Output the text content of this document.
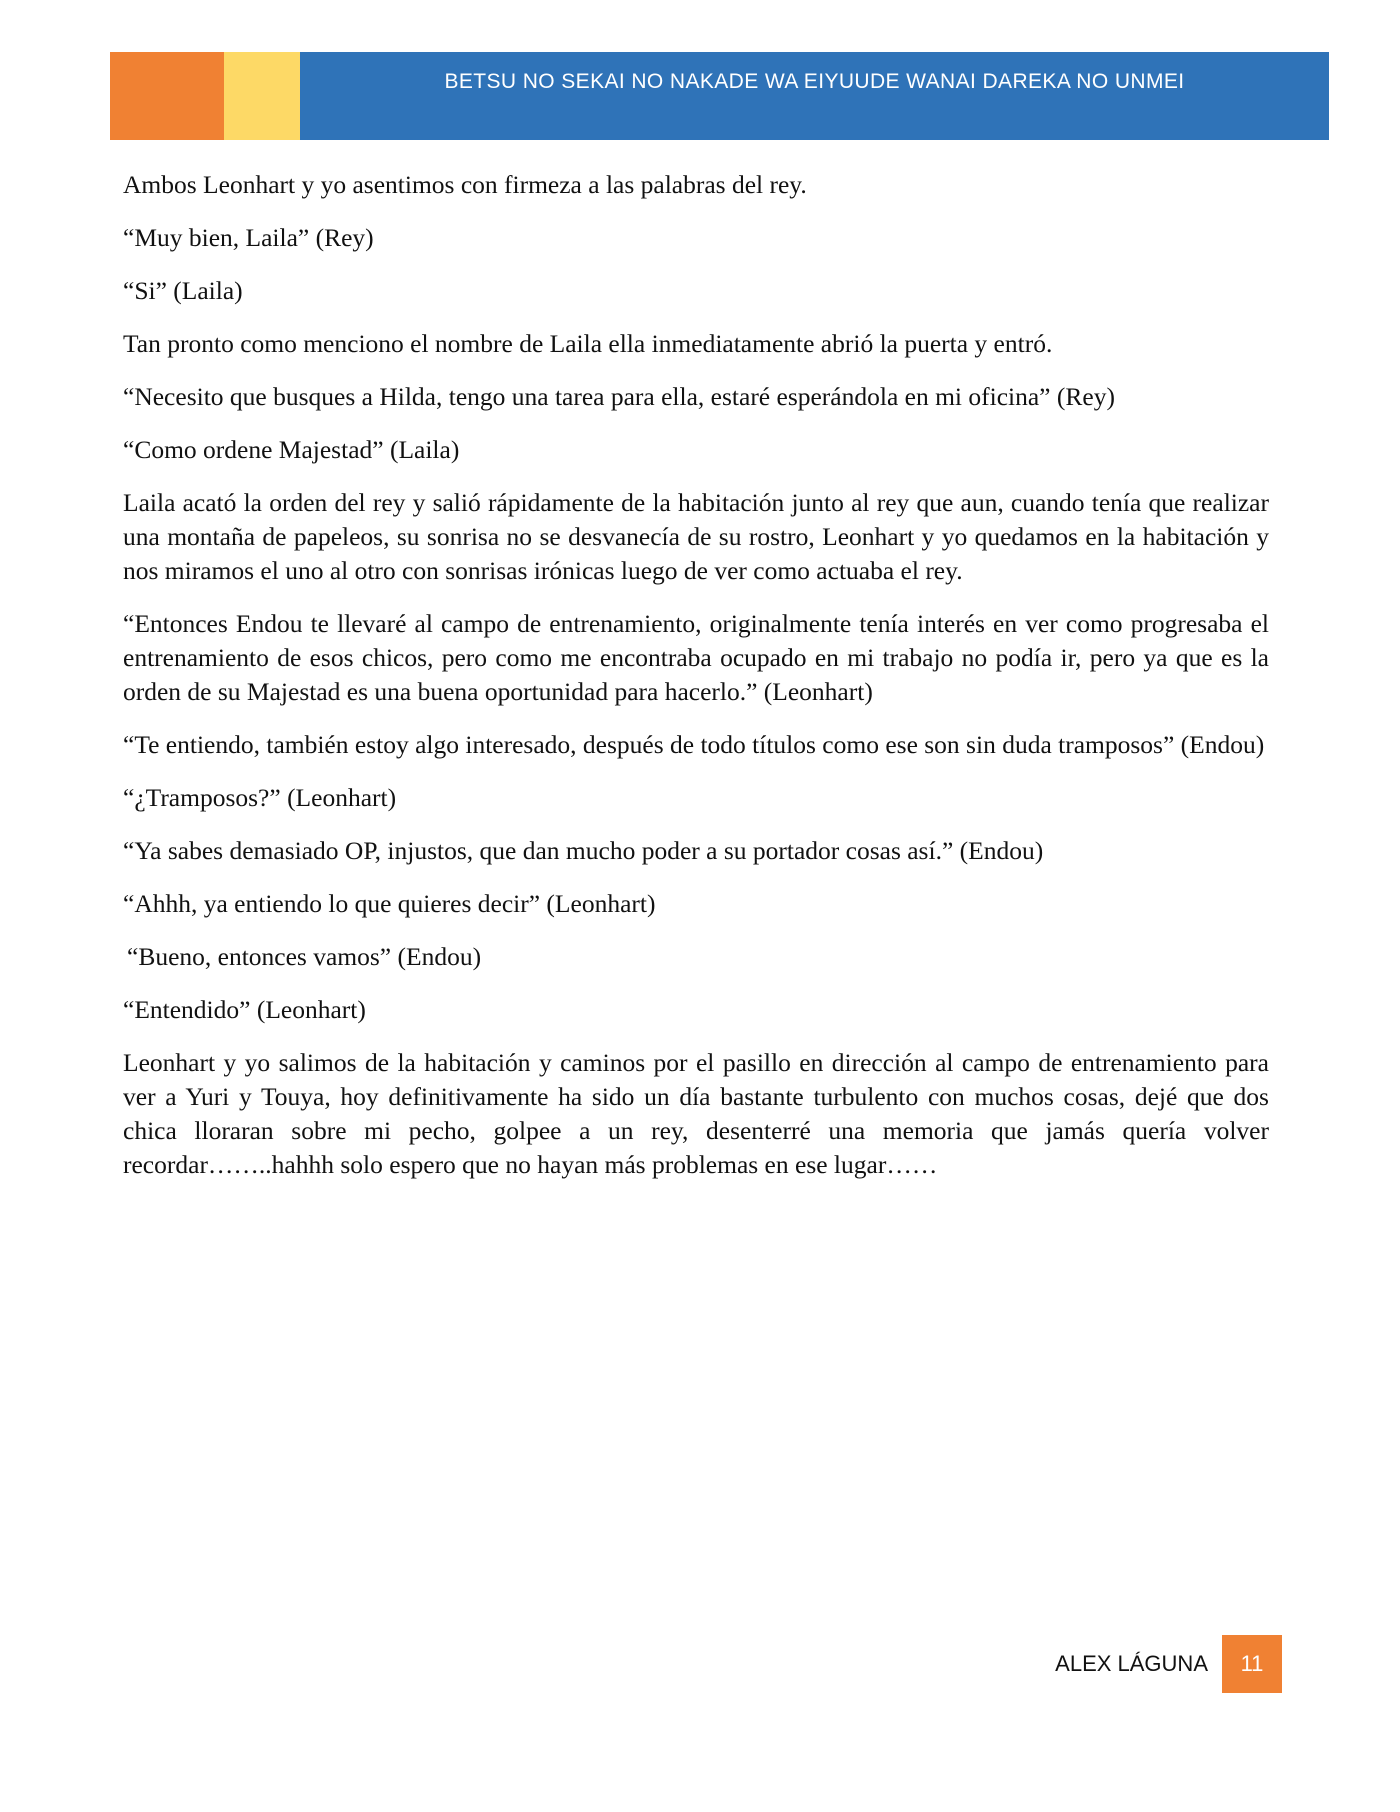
BETSU NO SEKAI NO NAKADE WA EIYUUDE WANAI DAREKA NO UNMEI

Ambos Leonhart y yo asentimos con firmeza a las palabras del rey.

“Muy bien, Laila” (Rey)

“Si” (Laila)

Tan pronto como menciono el nombre de Laila ella inmediatamente abrió la puerta y entró.

“Necesito que busques a Hilda, tengo una tarea para ella, estaré esperándola en mi oficina” (Rey)

“Como ordene Majestad” (Laila)

Laila acató la orden del rey y salió rápidamente de la habitación junto al rey que aun, cuando tenía que realizar una montaña de papeleos, su sonrisa no se desvanecía de su rostro, Leonhart y yo quedamos en la habitación y nos miramos el uno al otro con sonrisas irónicas luego de ver como actuaba el rey.

“Entonces Endou te llevaré al campo de entrenamiento, originalmente tenía interés en ver como progresaba el entrenamiento de esos chicos, pero como me encontraba ocupado en mi trabajo no podía ir, pero ya que es la orden de su Majestad es una buena oportunidad para hacerlo.” (Leonhart)

“Te entiendo, también estoy algo interesado, después de todo títulos como ese son sin duda tramposos” (Endou)

“¿Tramposos?” (Leonhart)

“Ya sabes demasiado OP, injustos, que dan mucho poder a su portador cosas así.” (Endou)

“Ahhh, ya entiendo lo que quieres decir” (Leonhart)

“Bueno, entonces vamos” (Endou)

“Entendido” (Leonhart)

Leonhart y yo salimos de la habitación y caminos por el pasillo en dirección al campo de entrenamiento para ver a Yuri y Touya, hoy definitivamente ha sido un día bastante turbulento con muchos cosas, dejé que dos chica lloraran sobre mi pecho, golpee a un rey, desenterré una memoria que jamás quería volver recordar……..hahhh solo espero que no hayan más problemas en ese lugar……

ALEX LÁGUNA 11
